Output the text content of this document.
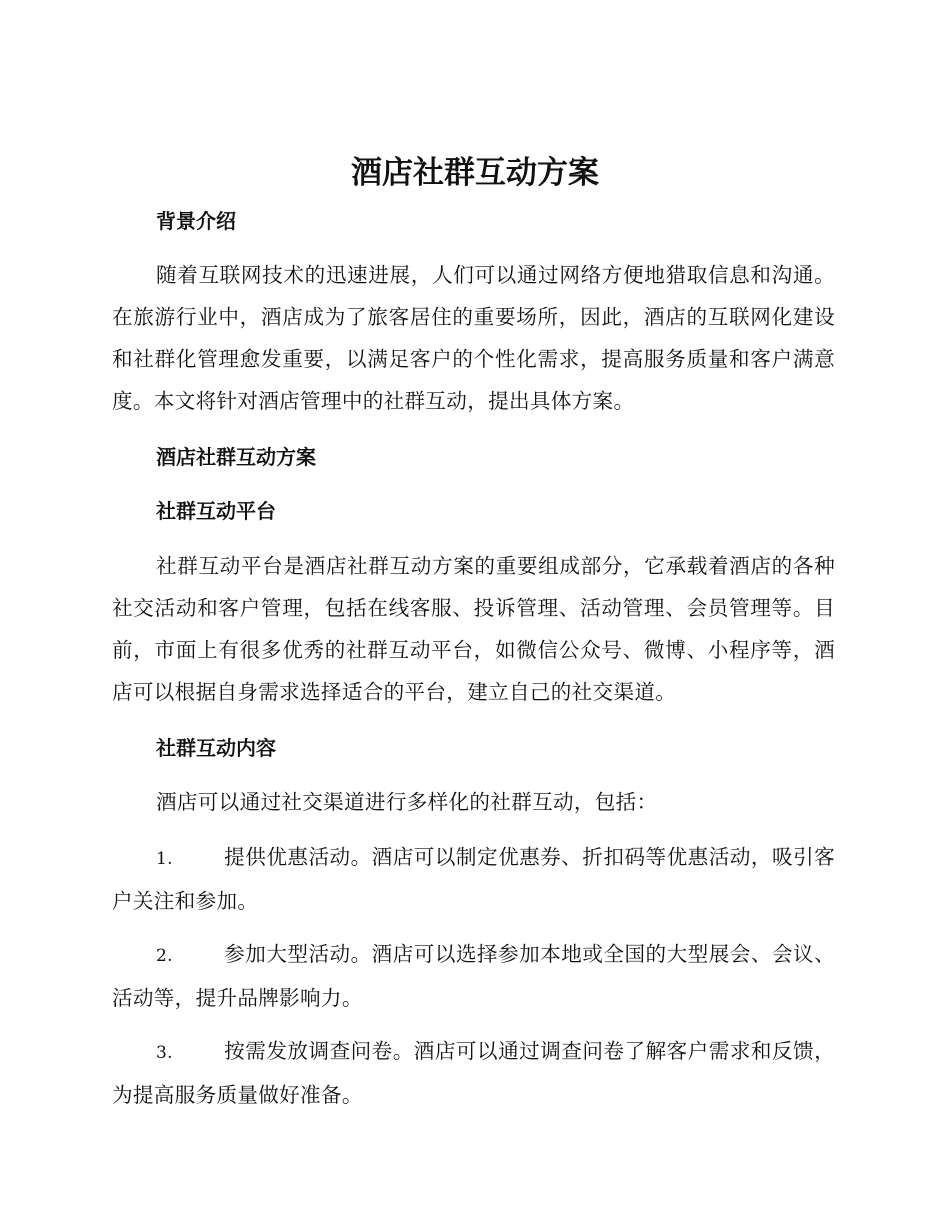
酒店社群互动方案
背景介绍

随着互联网技术的迅速进展，人们可以通过网络方便地猎取信息和沟通。在旅游行业中，酒店成为了旅客居住的重要场所，因此，酒店的互联网化建设和社群化管理愈发重要，以满足客户的个性化需求，提高服务质量和客户满意度。本文将针对酒店管理中的社群互动，提出具体方案。

酒店社群互动方案
社群互动平台

社群互动平台是酒店社群互动方案的重要组成部分，它承载着酒店的各种社交活动和客户管理，包括在线客服、投诉管理、活动管理、会员管理等。目前，市面上有很多优秀的社群互动平台，如微信公众号、微博、小程序等，酒店可以根据自身需求选择适合的平台，建立自己的社交渠道。

社群互动内容

酒店可以通过社交渠道进行多样化的社群互动，包括：

1. 提供优惠活动。酒店可以制定优惠券、折扣码等优惠活动，吸引客户关注和参加。

2. 参加大型活动。酒店可以选择参加本地或全国的大型展会、会议、活动等，提升品牌影响力。

3. 按需发放调查问卷。酒店可以通过调查问卷了解客户需求和反馈，为提高服务质量做好准备。
